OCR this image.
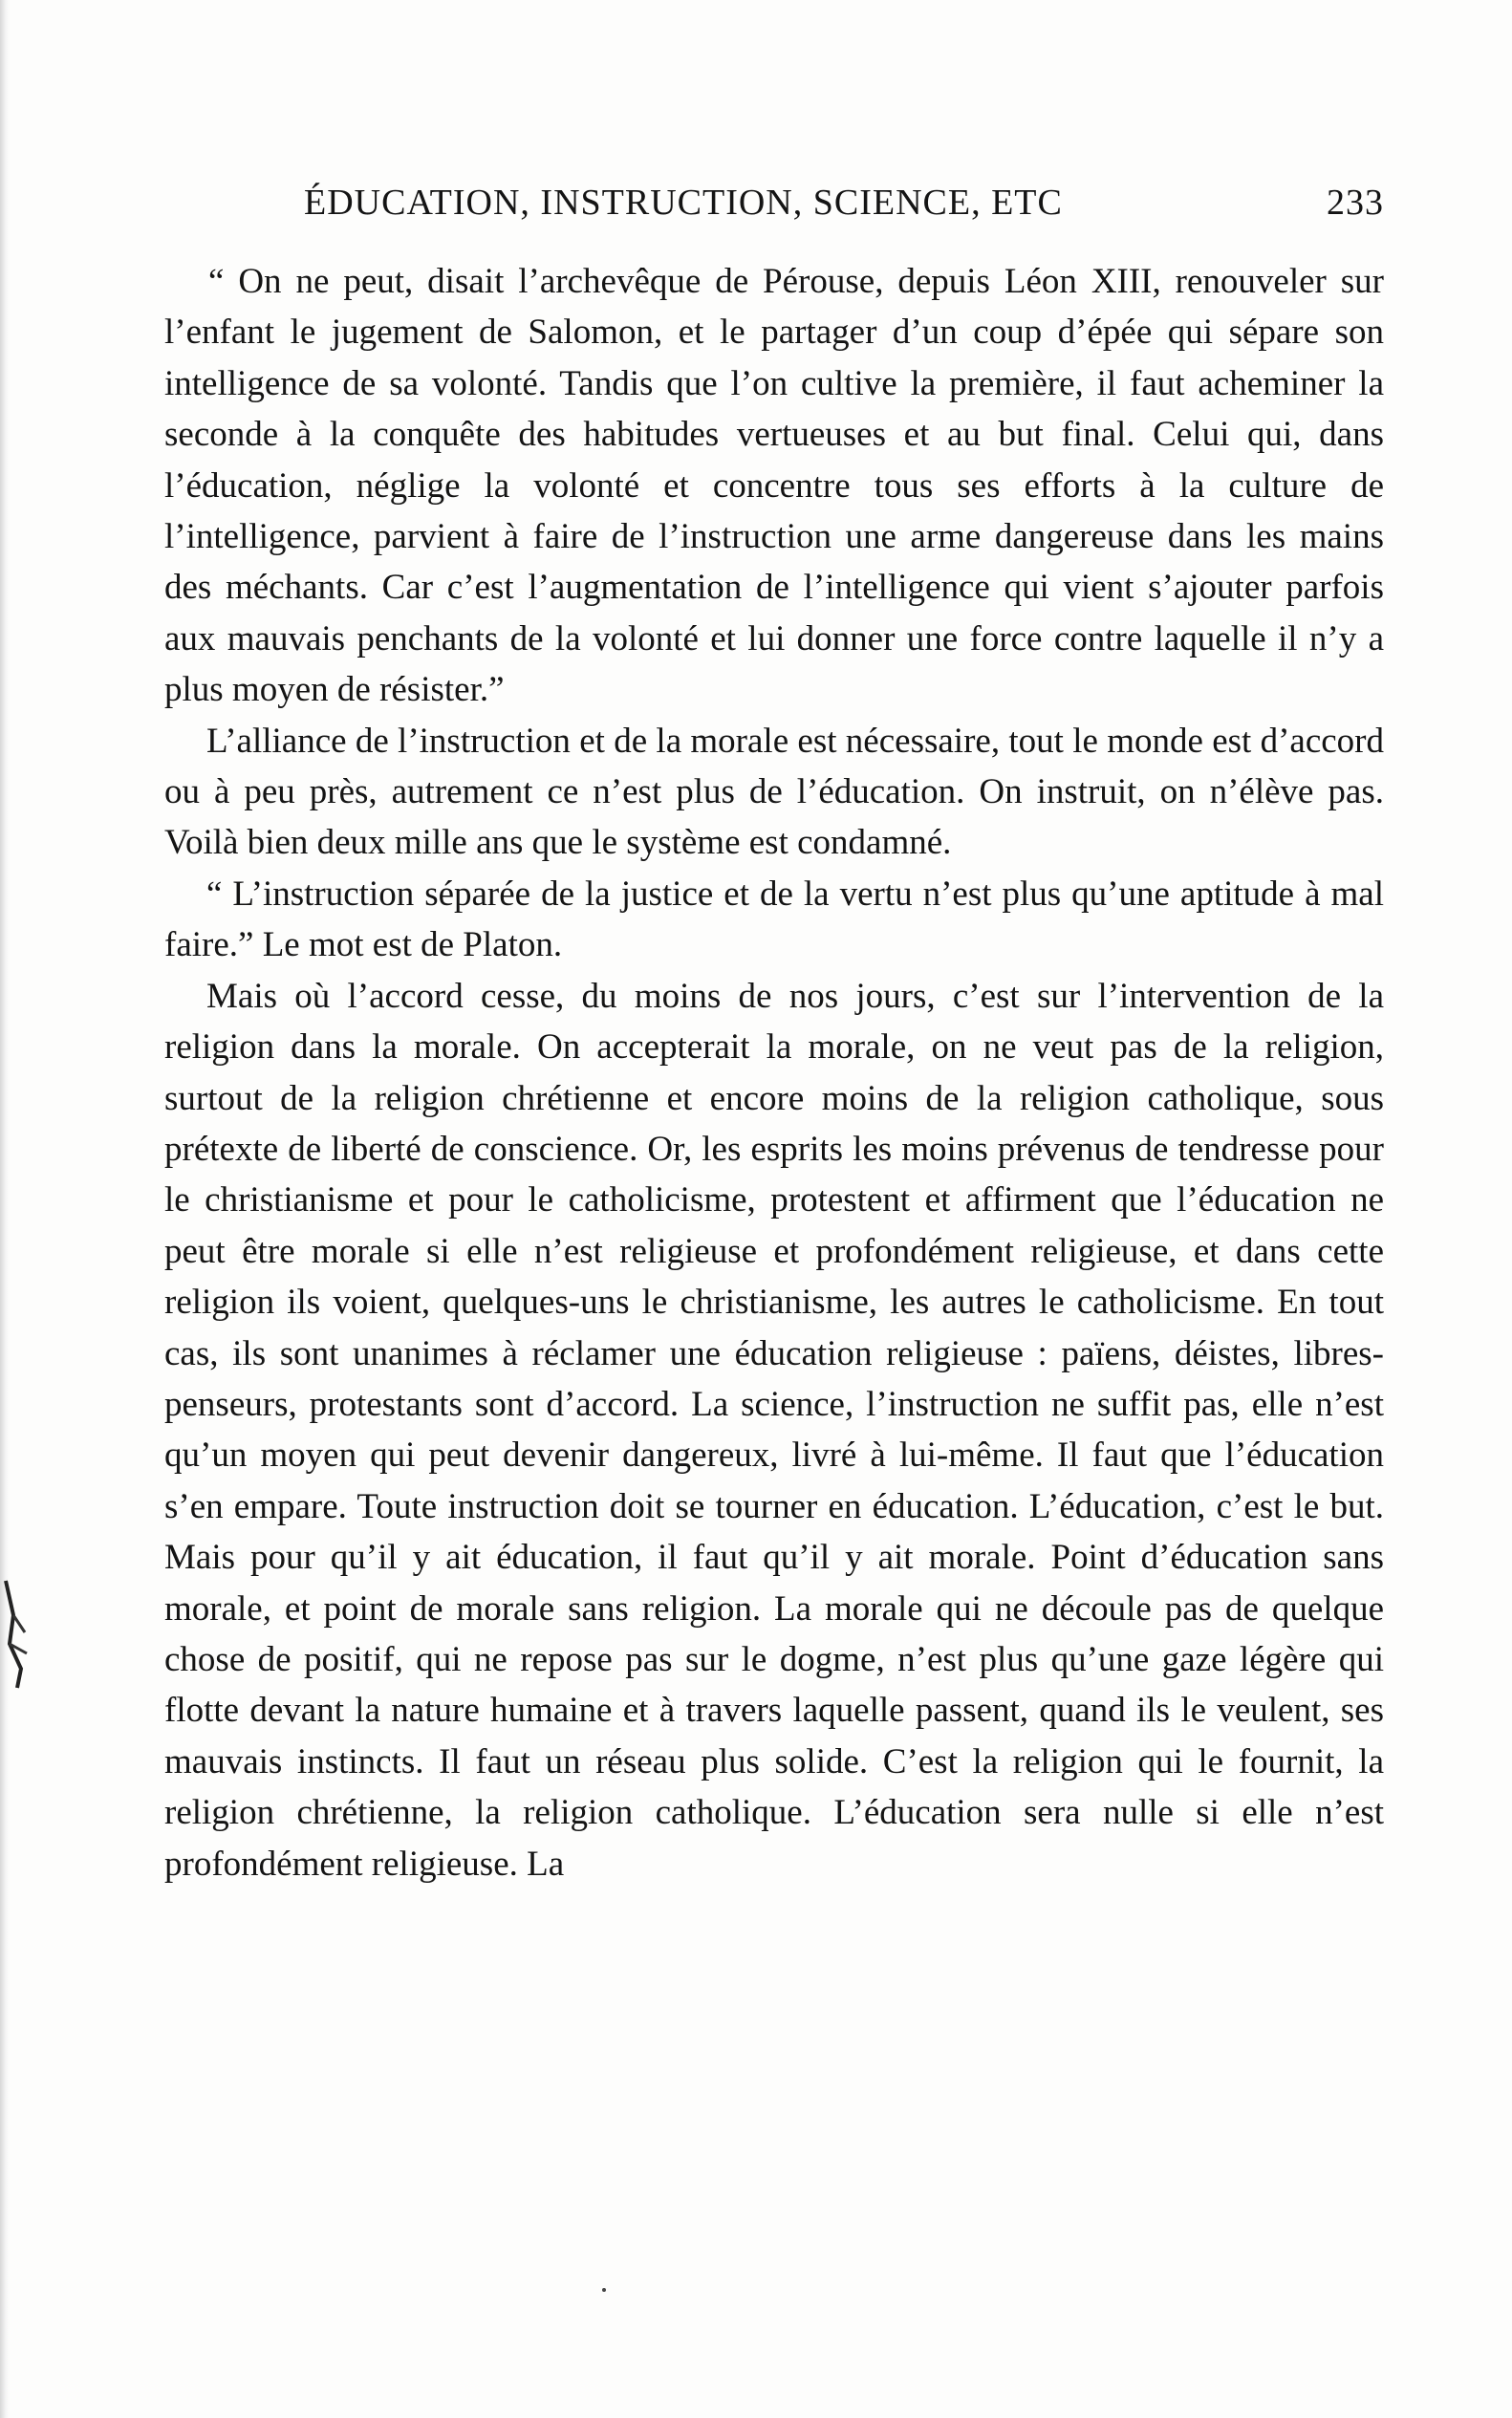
ÉDUCATION, INSTRUCTION, SCIENCE, ETC	233

“ On ne peut, disait l’archevêque de Pérouse, depuis Léon XIII, renouveler sur l’enfant le jugement de Salomon, et le partager d’un coup d’épée qui sépare son intelligence de sa volonté. Tandis que l’on cultive la première, il faut acheminer la seconde à la conquête des habitudes vertueuses et au but final. Celui qui, dans l’éducation, néglige la volonté et concentre tous ses efforts à la culture de l’intelligence, parvient à faire de l’instruction une arme dangereuse dans les mains des méchants. Car c’est l’augmentation de l’intelligence qui vient s’ajouter parfois aux mauvais penchants de la volonté et lui donner une force contre laquelle il n’y a plus moyen de résister.”

L’alliance de l’instruction et de la morale est nécessaire, tout le monde est d’accord ou à peu près, autrement ce n’est plus de l’éducation. On instruit, on n’élève pas. Voilà bien deux mille ans que le système est condamné.

“ L’instruction séparée de la justice et de la vertu n’est plus qu’une aptitude à mal faire.” Le mot est de Platon.

Mais où l’accord cesse, du moins de nos jours, c’est sur l’intervention de la religion dans la morale. On accepterait la morale, on ne veut pas de la religion, surtout de la religion chrétienne et encore moins de la religion catholique, sous prétexte de liberté de conscience. Or, les esprits les moins prévenus de tendresse pour le christianisme et pour le catholicisme, protestent et affirment que l’éducation ne peut être morale si elle n’est religieuse et profondément religieuse, et dans cette religion ils voient, quelques-uns le christianisme, les autres le catholicisme. En tout cas, ils sont unanimes à réclamer une éducation religieuse : païens, déistes, libres-penseurs, protestants sont d’accord. La science, l’instruction ne suffit pas, elle n’est qu’un moyen qui peut devenir dangereux, livré à lui-même. Il faut que l’éducation s’en empare. Toute instruction doit se tourner en éducation. L’éducation, c’est le but. Mais pour qu’il y ait éducation, il faut qu’il y ait morale. Point d’éducation sans morale, et point de morale sans religion. La morale qui ne découle pas de quelque chose de positif, qui ne repose pas sur le dogme, n’est plus qu’une gaze légère qui flotte devant la nature humaine et à travers laquelle passent, quand ils le veulent, ses mauvais instincts. Il faut un réseau plus solide. C’est la religion qui le fournit, la religion chrétienne, la religion catholique. L’éducation sera nulle si elle n’est profondément religieuse. La
